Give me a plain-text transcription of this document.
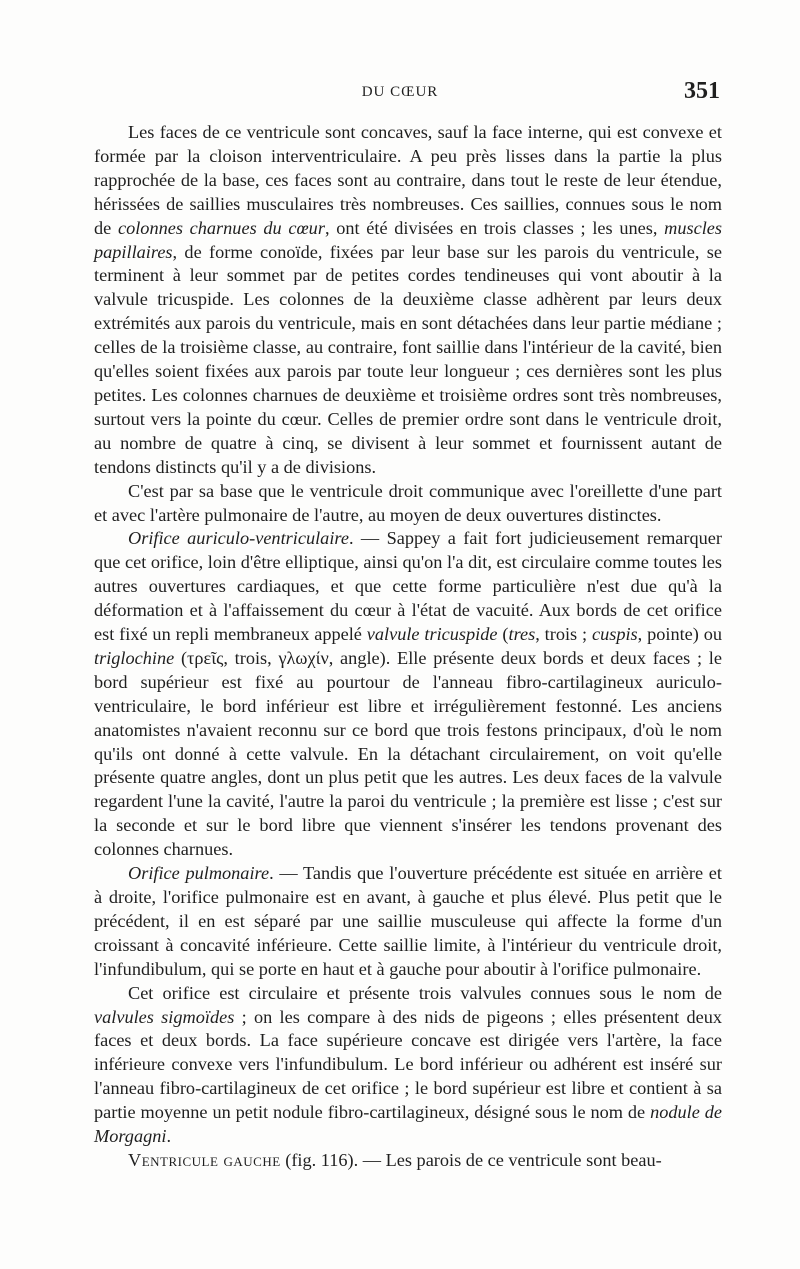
DU CŒUR	351

Les faces de ce ventricule sont concaves, sauf la face interne, qui est convexe et formée par la cloison interventriculaire. A peu près lisses dans la partie la plus rapprochée de la base, ces faces sont au contraire, dans tout le reste de leur étendue, hérissées de saillies musculaires très nombreuses. Ces saillies, connues sous le nom de colonnes charnues du cœur, ont été divisées en trois classes ; les unes, muscles papillaires, de forme conoïde, fixées par leur base sur les parois du ventricule, se terminent à leur sommet par de petites cordes tendineuses qui vont aboutir à la valvule tricuspide. Les colonnes de la deuxième classe adhèrent par leurs deux extrémités aux parois du ventricule, mais en sont détachées dans leur partie médiane ; celles de la troisième classe, au contraire, font saillie dans l'intérieur de la cavité, bien qu'elles soient fixées aux parois par toute leur longueur ; ces dernières sont les plus petites. Les colonnes charnues de deuxième et troisième ordres sont très nombreuses, surtout vers la pointe du cœur. Celles de premier ordre sont dans le ventricule droit, au nombre de quatre à cinq, se divisent à leur sommet et fournissent autant de tendons distincts qu'il y a de divisions.

C'est par sa base que le ventricule droit communique avec l'oreillette d'une part et avec l'artère pulmonaire de l'autre, au moyen de deux ouvertures distinctes.

Orifice auriculo-ventriculaire. — Sappey a fait fort judicieusement remarquer que cet orifice, loin d'être elliptique, ainsi qu'on l'a dit, est circulaire comme toutes les autres ouvertures cardiaques, et que cette forme particulière n'est due qu'à la déformation et à l'affaissement du cœur à l'état de vacuité. Aux bords de cet orifice est fixé un repli membraneux appelé valvule tricuspide (tres, trois ; cuspis, pointe) ou triglochine (τρεῖς, trois, γλωχίν, angle). Elle présente deux bords et deux faces ; le bord supérieur est fixé au pourtour de l'anneau fibro-cartilagineux auriculo-ventriculaire, le bord inférieur est libre et irrégulièrement festonné. Les anciens anatomistes n'avaient reconnu sur ce bord que trois festons principaux, d'où le nom qu'ils ont donné à cette valvule. En la détachant circulairement, on voit qu'elle présente quatre angles, dont un plus petit que les autres. Les deux faces de la valvule regardent l'une la cavité, l'autre la paroi du ventricule ; la première est lisse ; c'est sur la seconde et sur le bord libre que viennent s'insérer les tendons provenant des colonnes charnues.

Orifice pulmonaire. — Tandis que l'ouverture précédente est située en arrière et à droite, l'orifice pulmonaire est en avant, à gauche et plus élevé. Plus petit que le précédent, il en est séparé par une saillie musculeuse qui affecte la forme d'un croissant à concavité inférieure. Cette saillie limite, à l'intérieur du ventricule droit, l'infundibulum, qui se porte en haut et à gauche pour aboutir à l'orifice pulmonaire.

Cet orifice est circulaire et présente trois valvules connues sous le nom de valvules sigmoïdes ; on les compare à des nids de pigeons ; elles présentent deux faces et deux bords. La face supérieure concave est dirigée vers l'artère, la face inférieure convexe vers l'infundibulum. Le bord inférieur ou adhérent est inséré sur l'anneau fibro-cartilagineux de cet orifice ; le bord supérieur est libre et contient à sa partie moyenne un petit nodule fibro-cartilagineux, désigné sous le nom de nodule de Morgagni.

Ventricule gauche (fig. 116). — Les parois de ce ventricule sont beau-
